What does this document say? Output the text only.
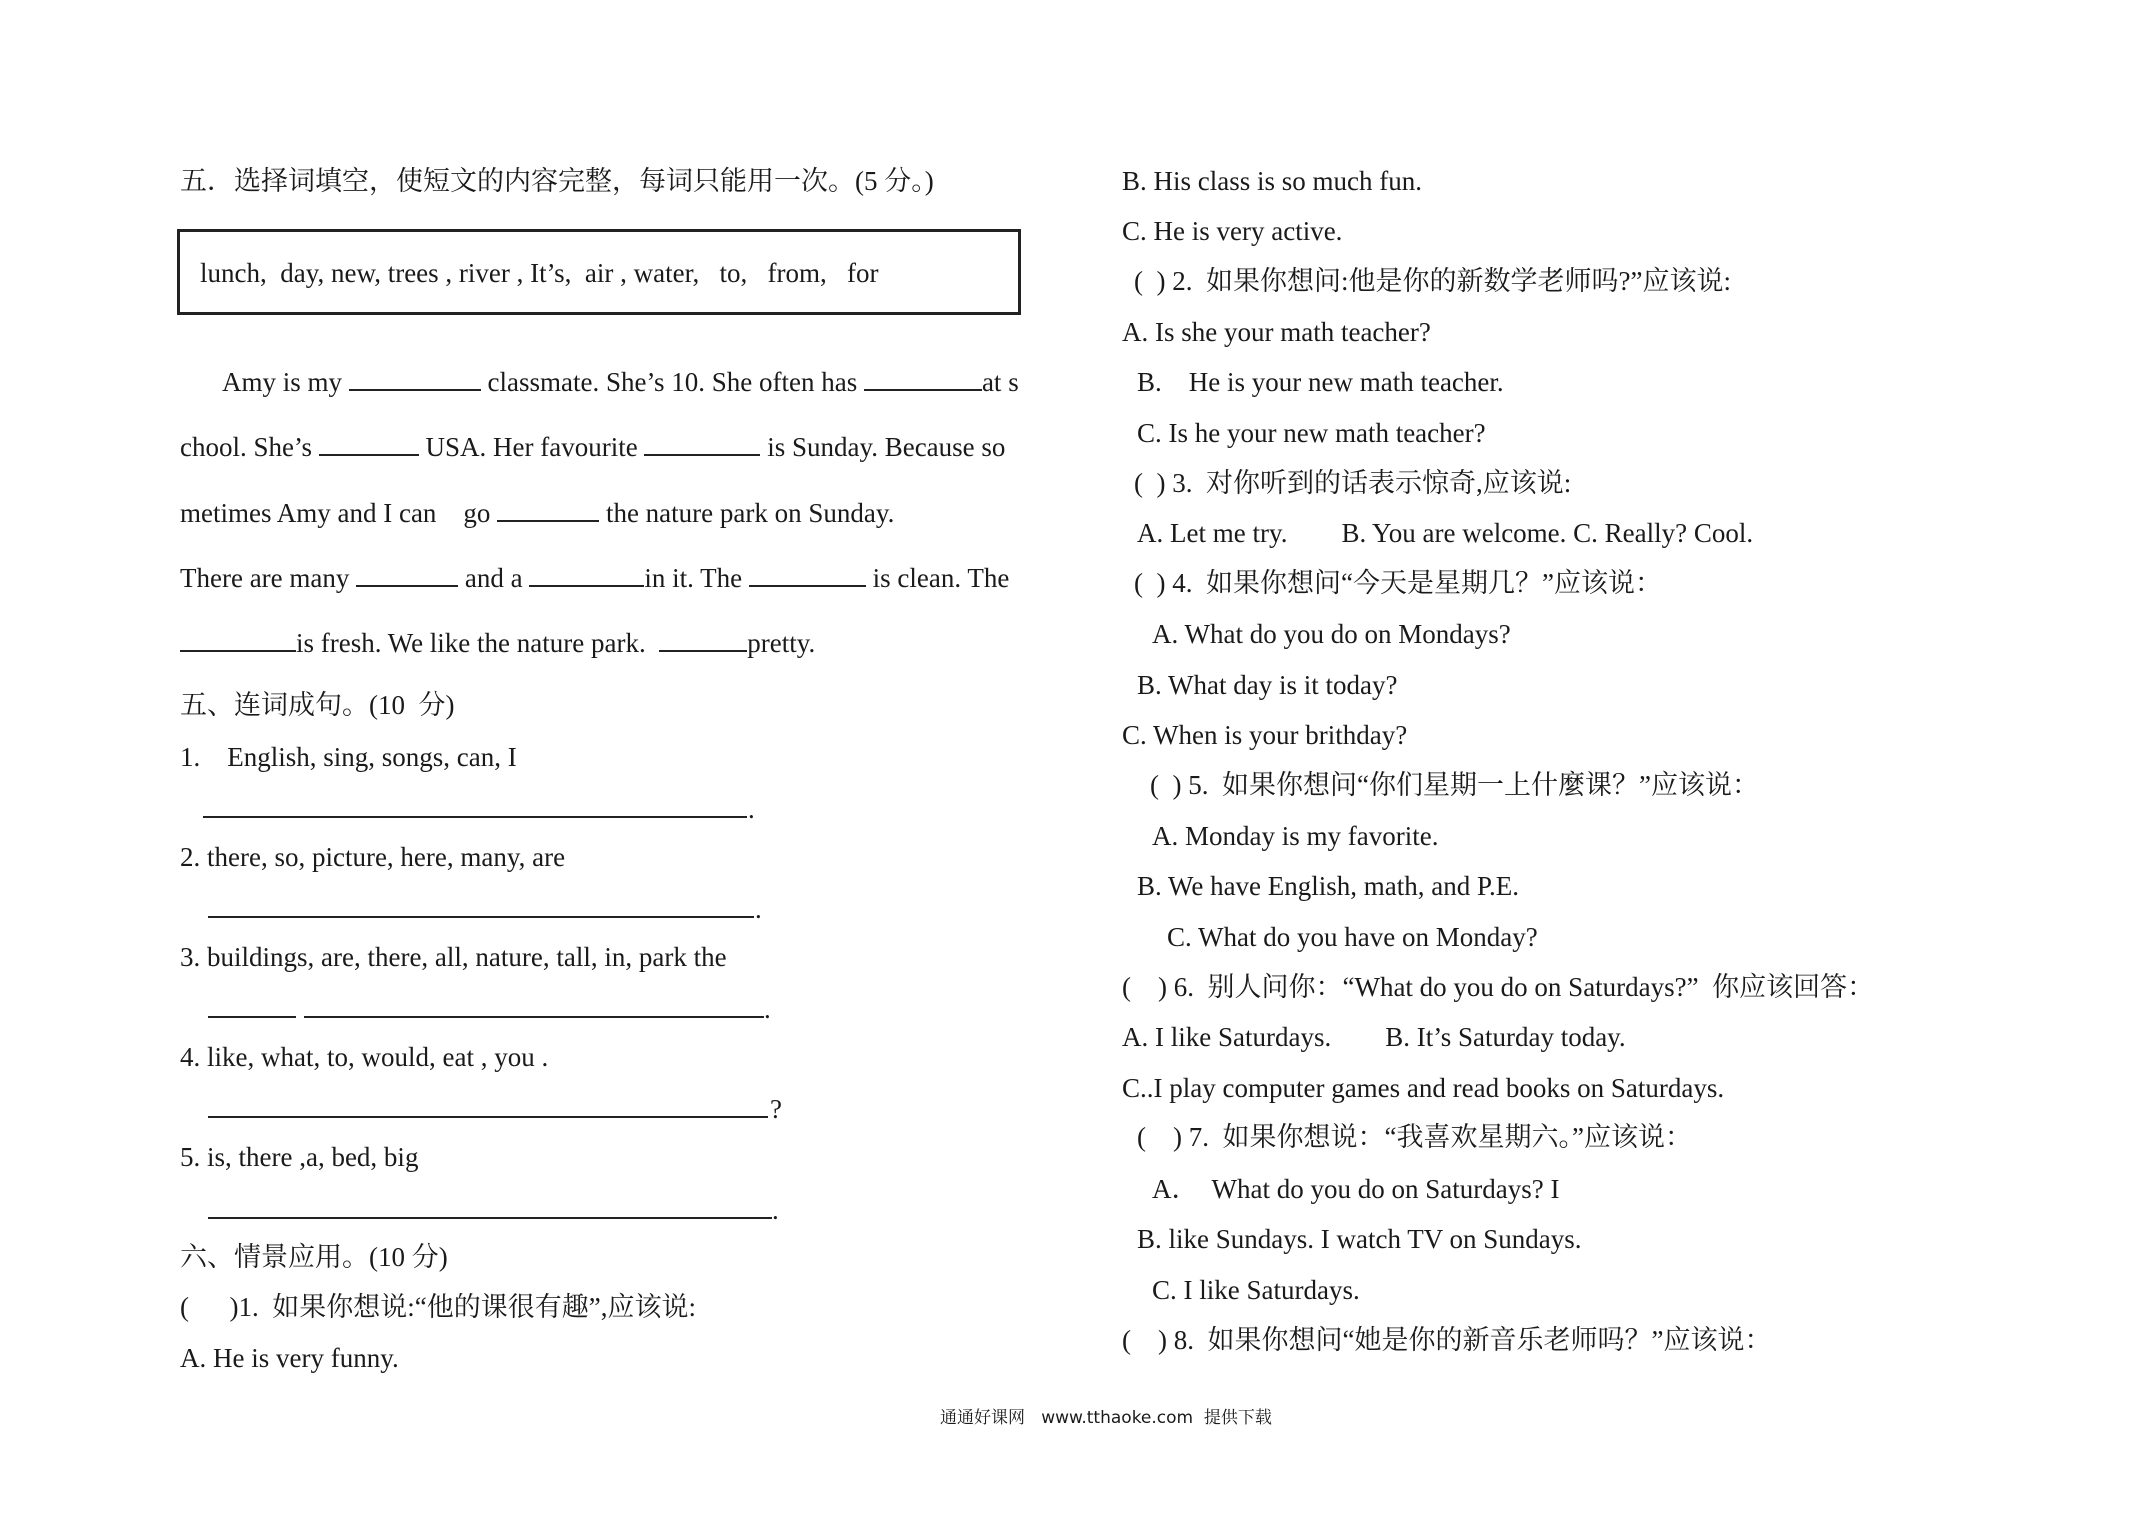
五．选择词填空，使短文的内容完整，每词只能用一次。(5 分。)
lunch,  day, new, trees , river , It’s,  air , water,   to,   from,   for
Amy is my	classmate. She’s 10. She often has	at s
chool. She’s	USA. Her favourite	is Sunday. Because so
metimes Amy and I can    go	the nature park on Sunday.
There are many	and a	in it. The	is clean. The
is fresh. We like the nature park.	pretty.
五、连词成句。(10  分)
1.    English, sing, songs, can, I
.
2. there, so, picture, here, many, are
.
3. buildings, are, there, all, nature, tall, in, park the
.
4. like, what, to, would, eat , you .
?
5. is, there ,a, bed, big
.
六、情景应用。(10 分)
(      )1.  如果你想说:“他的课很有趣”,应该说:
A. He is very funny.
B. His class is so much fun.
C. He is very active.
(  ) 2.  如果你想问:他是你的新数学老师吗?”应该说:
A. Is she your math teacher?
B.    He is your new math teacher.
C. Is he your new math teacher?
(  ) 3.  对你听到的话表示惊奇,应该说:
A. Let me try.        B. You are welcome. C. Really? Cool.
(  ) 4.  如果你想问“今天是星期几？”应该说：
A. What do you do on Mondays?
B. What day is it today?
C. When is your brithday?
(  ) 5.  如果你想问“你们星期一上什麼课？”应该说：
A. Monday is my favorite.
B. We have English, math, and P.E.
C. What do you have on Monday?
(    ) 6.  别人问你：“What do you do on Saturdays?”  你应该回答：
A. I like Saturdays.        B. It’s Saturday today.
C..I play computer games and read books on Saturdays.
(    ) 7.  如果你想说：“我喜欢星期六。”应该说：
A．  What do you do on Saturdays? I
B. like Sundays. I watch TV on Sundays.
C. I like Saturdays.
(    ) 8.  如果你想问“她是你的新音乐老师吗？”应该说：
通通好课网   www.tthaoke.com  提供下载
